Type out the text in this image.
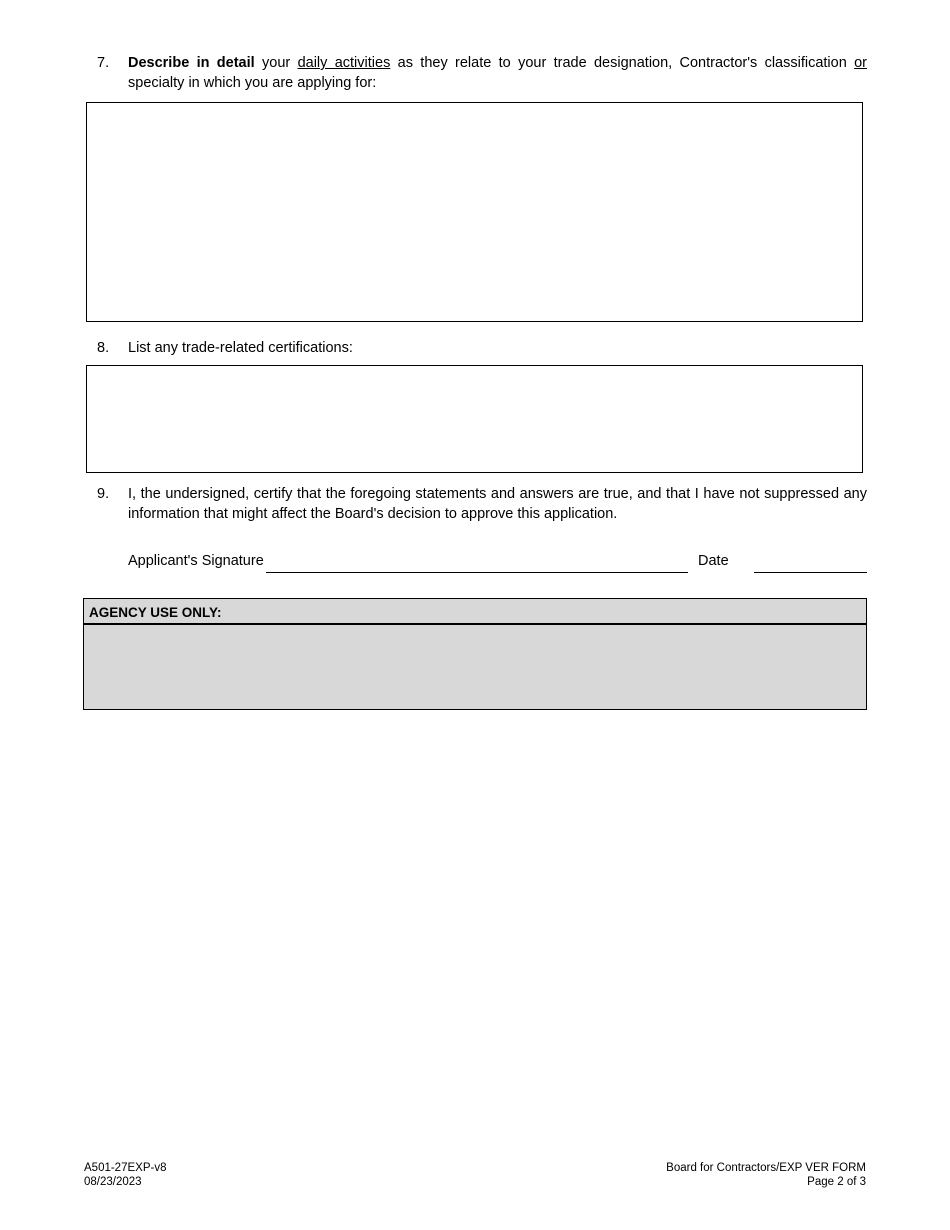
7.	Describe in detail your daily activities as they relate to your trade designation, Contractor's classification or specialty in which you are applying for:
8.	List any trade-related certifications:
9.	I, the undersigned, certify that the foregoing statements and answers are true, and that I have not suppressed any information that might affect the Board's decision to approve this application.
Applicant's Signature	Date
AGENCY USE ONLY:
A501-27EXP-v8
08/23/2023
Board for Contractors/EXP VER FORM
Page 2 of 3
